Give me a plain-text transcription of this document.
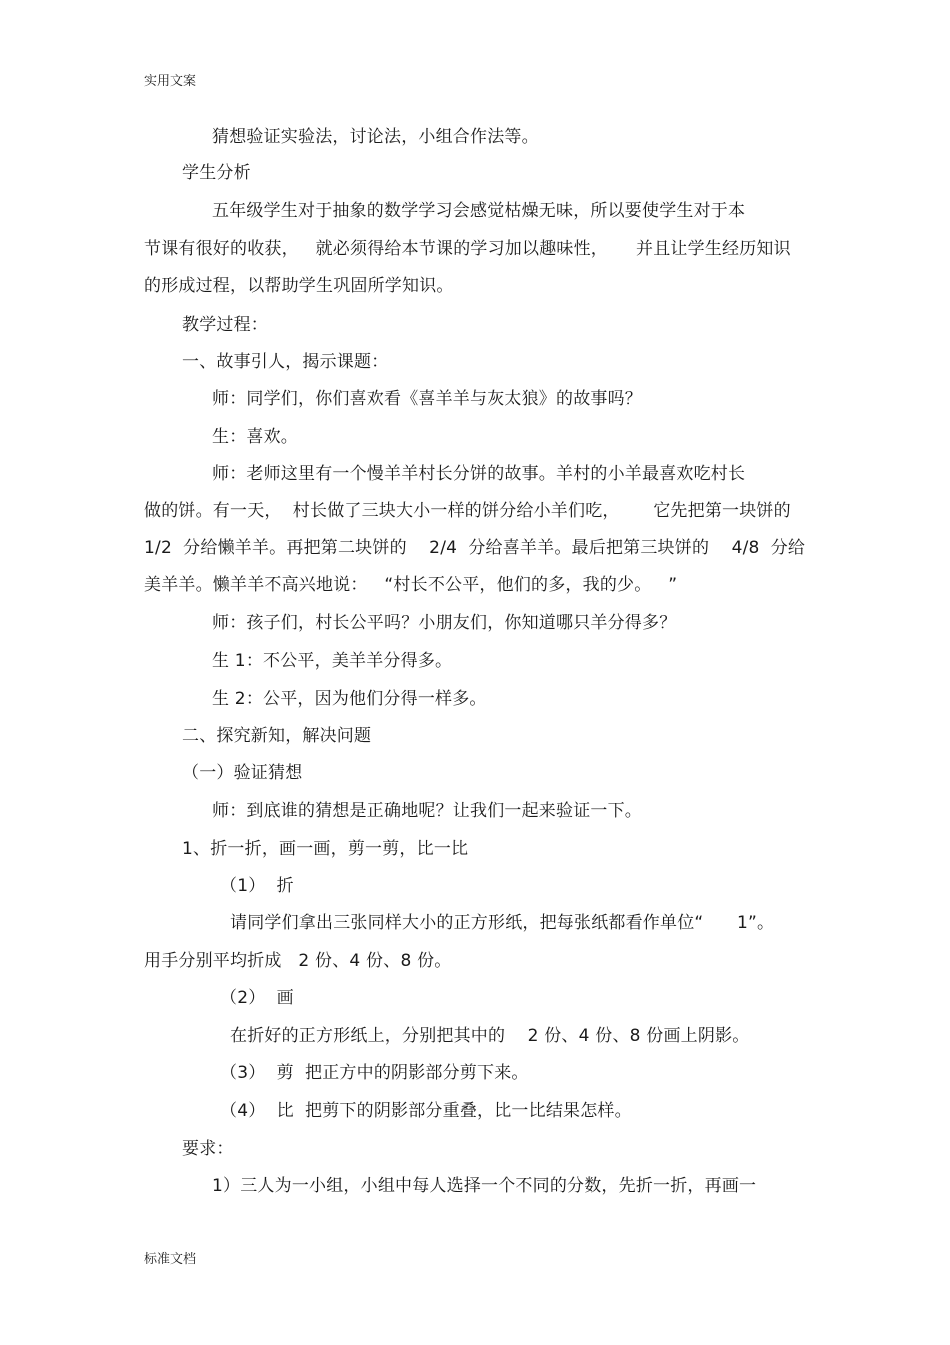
实用文案
猜想验证实验法，讨论法，小组合作法等。
学生分析
五年级学生对于抽象的数学学习会感觉枯燥无味，所以要使学生对于本
节课有很好的收获，   就必须得给本节课的学习加以趣味性，     并且让学生经历知识
的形成过程，以帮助学生巩固所学知识。
教学过程：
一、故事引人，揭示课题：
师：同学们，你们喜欢看《喜羊羊与灰太狼》的故事吗？
生：喜欢。
师：老师这里有一个慢羊羊村长分饼的故事。羊村的小羊最喜欢吃村长
做的饼。有一天，  村长做了三块大小一样的饼分给小羊们吃，      它先把第一块饼的
1/2  分给懒羊羊。再把第二块饼的    2/4  分给喜羊羊。最后把第三块饼的    4/8  分给
美羊羊。懒羊羊不高兴地说：   “村长不公平，他们的多，我的少。   ”
师：孩子们，村长公平吗？小朋友们，你知道哪只羊分得多？
生 1：不公平，美羊羊分得多。
生 2：公平，因为他们分得一样多。
二、探究新知，解决问题
（一）验证猜想
师：到底谁的猜想是正确地呢？让我们一起来验证一下。
1、折一折，画一画，剪一剪，比一比
（1）  折
请同学们拿出三张同样大小的正方形纸，把每张纸都看作单位“      1”。
用手分别平均折成   2 份、4 份、8 份。
（2）  画
在折好的正方形纸上，分别把其中的    2 份、4 份、8 份画上阴影。
（3）  剪  把正方中的阴影部分剪下来。
（4）  比  把剪下的阴影部分重叠，比一比结果怎样。
要求：
1）三人为一小组，小组中每人选择一个不同的分数，先折一折，再画一
标准文档
